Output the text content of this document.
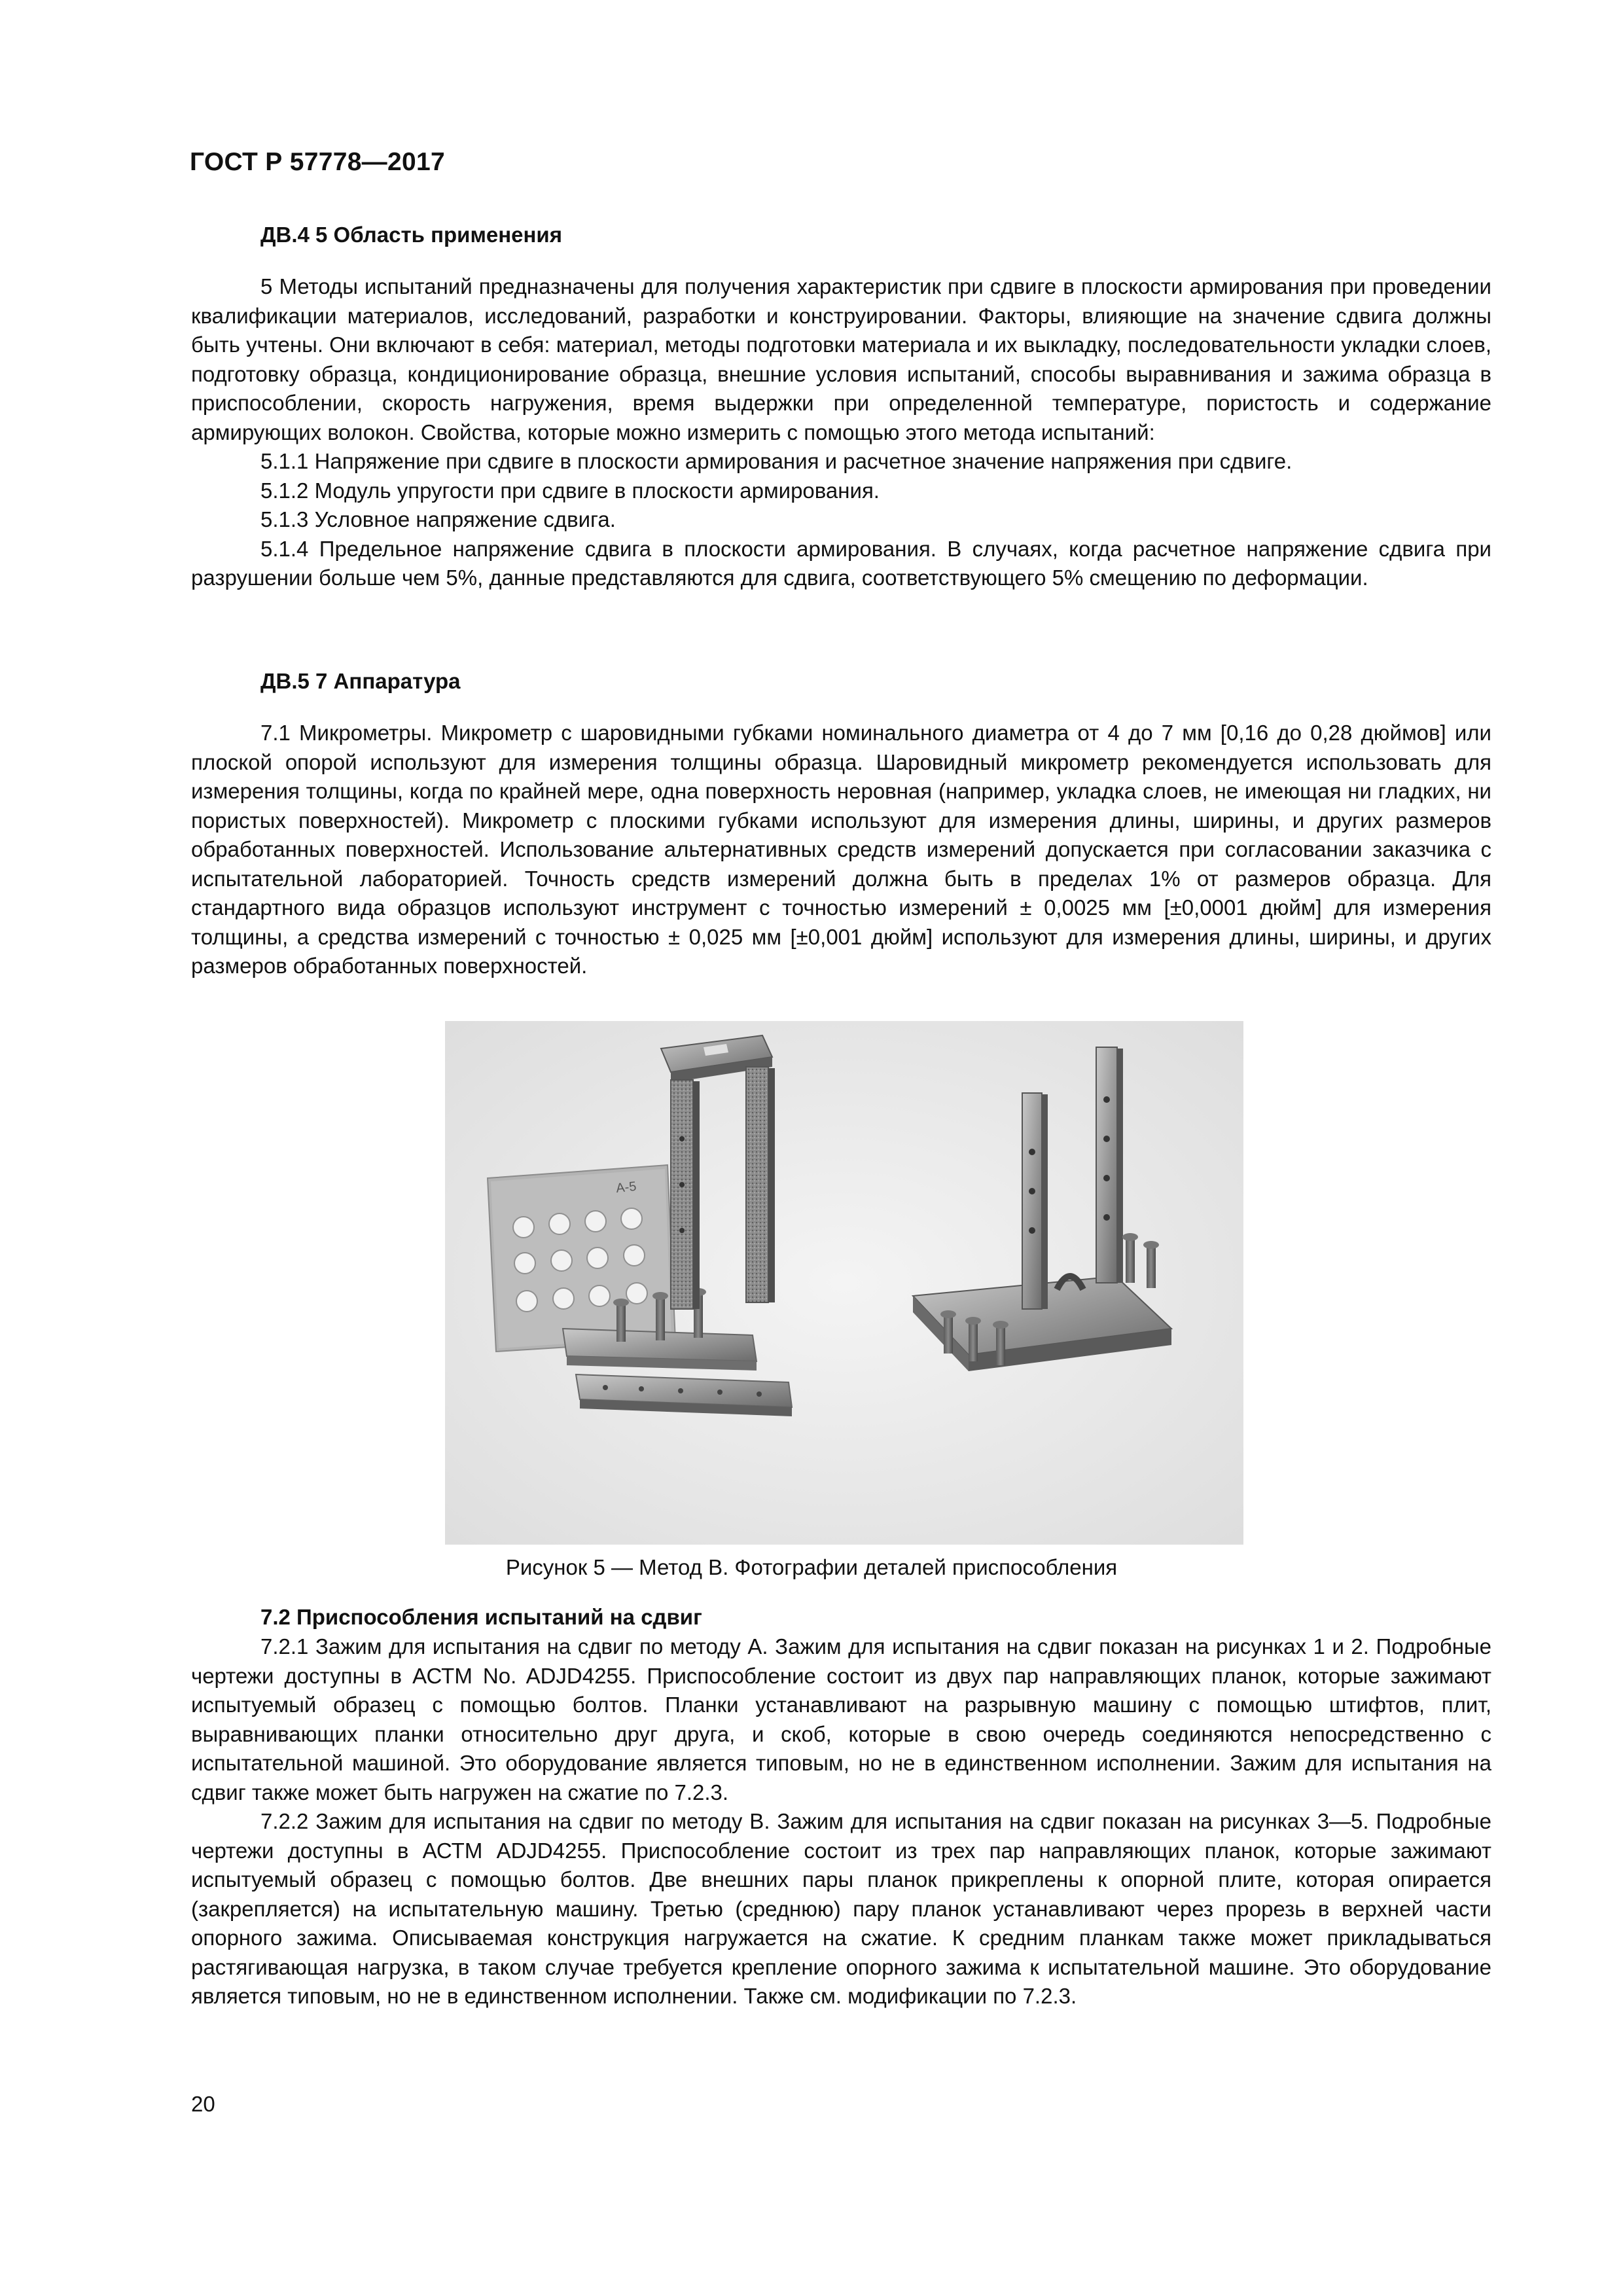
ГОСТ Р 57778—2017

ДВ.4 5 Область применения

5 Методы испытаний предназначены для получения характеристик при сдвиге в плоскости армирования при проведении квалификации материалов, исследований, разработки и конструировании. Факторы, влияющие на значение сдвига должны быть учтены. Они включают в себя: материал, методы подготовки материала и их выкладку, последовательности укладки слоев, подготовку образца, кондиционирование образца, внешние условия испытаний, способы выравнивания и зажима образца в приспособлении, скорость нагружения, время выдержки при определенной температуре, пористость и содержание армирующих волокон. Свойства, которые можно измерить с помощью этого метода испытаний:

5.1.1 Напряжение при сдвиге в плоскости армирования и расчетное значение напряжения при сдвиге.

5.1.2 Модуль упругости при сдвиге в плоскости армирования.

5.1.3 Условное напряжение сдвига.

5.1.4 Предельное напряжение сдвига в плоскости армирования. В случаях, когда расчетное напряжение сдвига при разрушении больше чем 5%, данные представляются для сдвига, соответствующего 5% смещению по деформации.

ДВ.5 7 Аппаратура

7.1 Микрометры. Микрометр с шаровидными губками номинального диаметра от 4 до 7 мм [0,16 до 0,28 дюймов] или плоской опорой используют для измерения толщины образца. Шаровидный микрометр рекомендуется использовать для измерения толщины, когда по крайней мере, одна поверхность неровная (например, укладка слоев, не имеющая ни гладких, ни пористых поверхностей). Микрометр с плоскими губками используют для измерения длины, ширины, и других размеров обработанных поверхностей. Использование альтернативных средств измерений допускается при согласовании заказчика с испытательной лабораторией. Точность средств измерений должна быть в пределах 1% от размеров образца. Для стандартного вида образцов используют инструмент с точностью измерений ± 0,0025 мм [±0,0001 дюйм] для измерения толщины, а средства измерений с точностью ± 0,025 мм [±0,001 дюйм] используют для измерения длины, ширины, и других размеров обработанных поверхностей.

A-5
Рисунок 5 — Метод В. Фотографии деталей приспособления

7.2 Приспособления испытаний на сдвиг

7.2.1 Зажим для испытания на сдвиг по методу А. Зажим для испытания на сдвиг показан на рисунках 1 и 2. Подробные чертежи доступны в АСТМ No. ADJD4255. Приспособление состоит из двух пар направляющих планок, которые зажимают испытуемый образец с помощью болтов. Планки устанавливают на разрывную машину с помощью штифтов, плит, выравнивающих планки относительно друг друга, и скоб, которые в свою очередь соединяются непосредственно с испытательной машиной. Это оборудование является типовым, но не в единственном исполнении. Зажим для испытания на сдвиг также может быть нагружен на сжатие по 7.2.3.

7.2.2 Зажим для испытания на сдвиг по методу В. Зажим для испытания на сдвиг показан на рисунках 3—5. Подробные чертежи доступны в АСТМ ADJD4255. Приспособление состоит из трех пар направляющих планок, которые зажимают испытуемый образец с помощью болтов. Две внешних пары планок прикреплены к опорной плите, которая опирается (закрепляется) на испытательную машину. Третью (среднюю) пару планок устанавливают через прорезь в верхней части опорного зажима. Описываемая конструкция нагружается на сжатие. К средним планкам также может прикладываться растягивающая нагрузка, в таком случае требуется крепление опорного зажима к испытательной машине. Это оборудование является типовым, но не в единственном исполнении. Также см. модификации по 7.2.3.

20
